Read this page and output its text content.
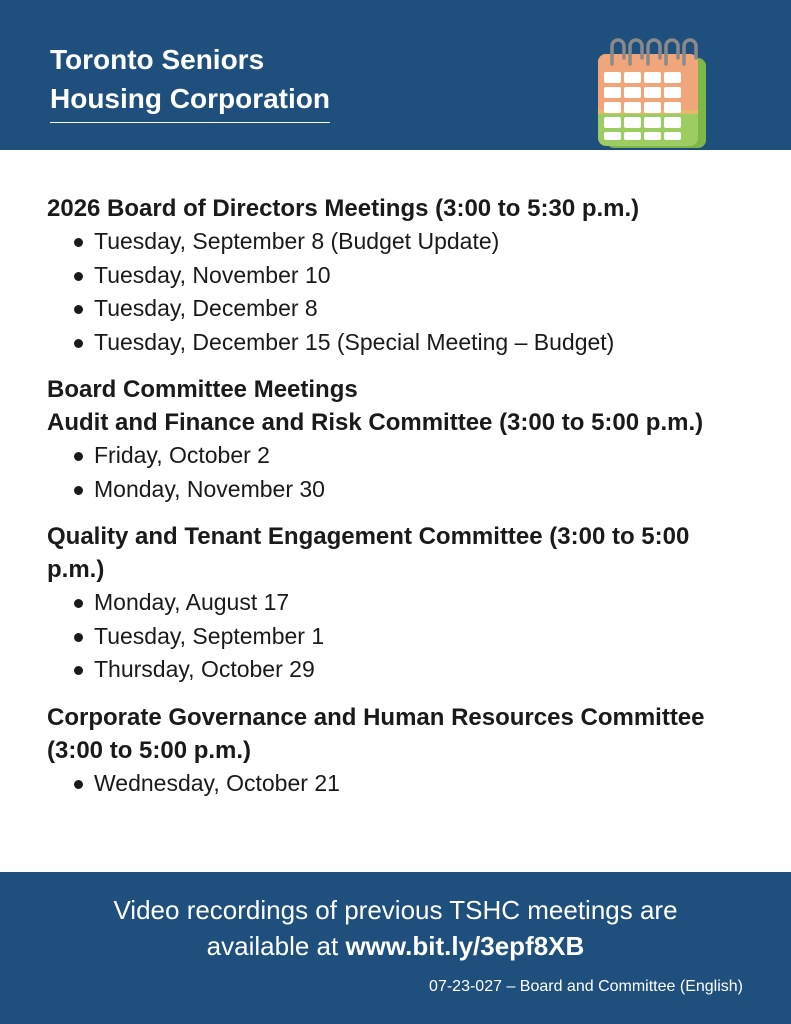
Toronto Seniors
Housing Corporation

2026 Board of Directors Meetings (3:00 to 5:30 p.m.)

Tuesday, September 8 (Budget Update)
Tuesday, November 10
Tuesday, December 8
Tuesday, December 15 (Special Meeting – Budget)

Board Committee Meetings
Audit and Finance and Risk Committee (3:00 to 5:00 p.m.)

Friday, October 2
Monday, November 30

Quality and Tenant Engagement Committee (3:00 to 5:00
p.m.)

Monday, August 17
Tuesday, September 1
Thursday, October 29

Corporate Governance and Human Resources Committee
(3:00 to 5:00 p.m.)

Wednesday, October 21
Video recordings of previous TSHC meetings are
available at www.bit.ly/3epf8XB
07-23-027 – Board and Committee (English)
